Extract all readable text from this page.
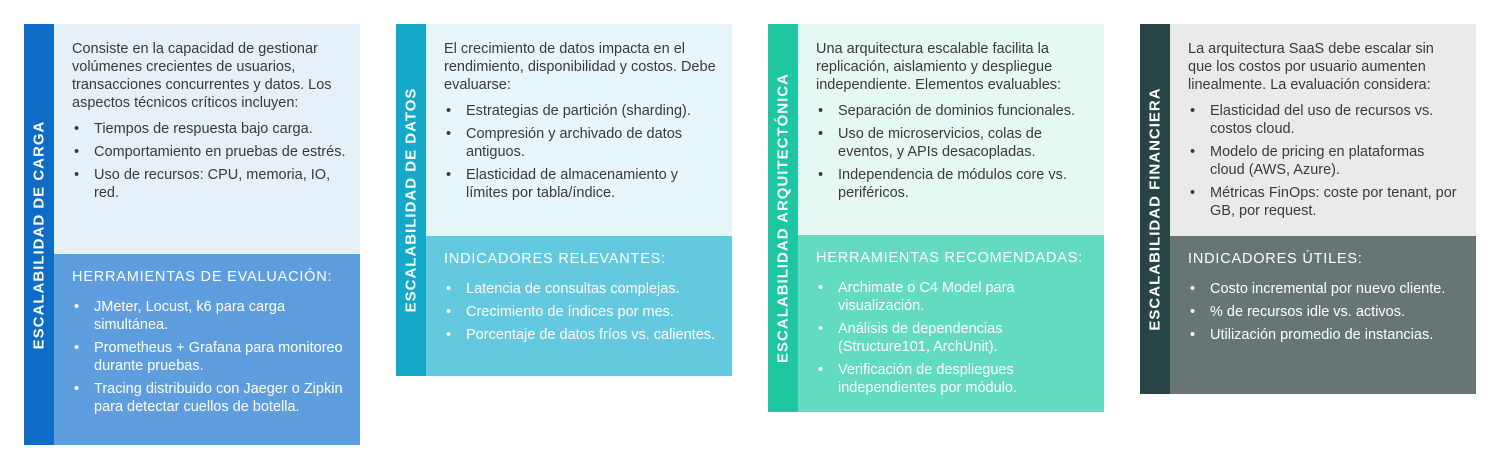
ESCALABILIDAD DE CARGA

Consiste en la capacidad de gestionar volúmenes crecientes de usuarios, transacciones concurrentes y datos. Los aspectos técnicos críticos incluyen:

• Tiempos de respuesta bajo carga.
• Comportamiento en pruebas de estrés.
• Uso de recursos: CPU, memoria, IO, red.

HERRAMIENTAS DE EVALUACIÓN:

• JMeter, Locust, k6 para carga simultánea.
• Prometheus + Grafana para monitoreo durante pruebas.
• Tracing distribuido con Jaeger o Zipkin para detectar cuellos de botella.
ESCALABILIDAD DE DATOS

El crecimiento de datos impacta en el rendimiento, disponibilidad y costos. Debe evaluarse:

• Estrategias de partición (sharding).
• Compresión y archivado de datos antiguos.
• Elasticidad de almacenamiento y límites por tabla/índice.

INDICADORES RELEVANTES:

• Latencia de consultas complejas.
• Crecimiento de índices por mes.
• Porcentaje de datos fríos vs. calientes.	ESCALABILIDAD ARQUITECTÓNICA

Una arquitectura escalable facilita la replicación, aislamiento y despliegue independiente. Elementos evaluables:

• Separación de dominios funcionales.
• Uso de microservicios, colas de eventos, y APIs desacopladas.
• Independencia de módulos core vs. periféricos.

HERRAMIENTAS RECOMENDADAS:

• Archimate o C4 Model para visualización.
• Análisis de dependencias (Structure101, ArchUnit).
• Verificación de despliegues independientes por módulo.
ESCALABILIDAD FINANCIERA

La arquitectura SaaS debe escalar sin que los costos por usuario aumenten linealmente. La evaluación considera:

• Elasticidad del uso de recursos vs. costos cloud.
• Modelo de pricing en plataformas cloud (AWS, Azure).
• Métricas FinOps: coste por tenant, por GB, por request.

INDICADORES ÚTILES:

• Costo incremental por nuevo cliente.
• % de recursos idle vs. activos.
• Utilización promedio de instancias.
